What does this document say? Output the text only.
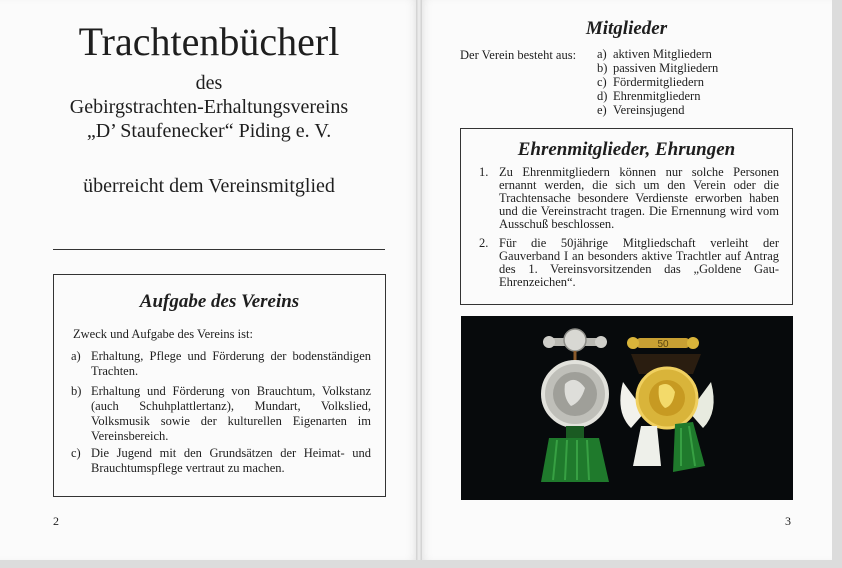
Trachtenbücherl
des
Gebirgstrachten-Erhaltungsvereins
„D’ Staufenecker“ Piding e. V.
überreicht dem Vereinsmitglied
Aufgabe des Vereins
Zweck und Aufgabe des Vereins ist:
a) Erhaltung, Pflege und Förderung der bodenständigen Trachten.
b) Erhaltung und Förderung von Brauchtum, Volkstanz (auch Schuhplattlertanz), Mundart, Volkslied, Volksmusik sowie der kulturellen Eigenarten im Vereinsbereich.
c) Die Jugend mit den Grundsätzen der Heimat- und Brauchtumspflege vertraut zu machen.
2
Mitglieder
Der Verein besteht aus: a) aktiven Mitgliedern
b) passiven Mitgliedern
c) Fördermitgliedern
d) Ehrenmitgliedern
e) Vereinsjugend
Ehrenmitglieder, Ehrungen
1. Zu Ehrenmitgliedern können nur solche Personen ernannt werden, die sich um den Verein oder die Trachtensache besondere Verdienste erworben haben und die Vereinstracht tragen. Die Ernennung wird vom Ausschuß beschlossen.
2. Für die 50jährige Mitgliedschaft verleiht der Gauverband I an besonders aktive Trachtler auf Antrag des 1. Vereinsvorsitzenden das „Goldene Gau-Ehrenzeichen“.
50
3
